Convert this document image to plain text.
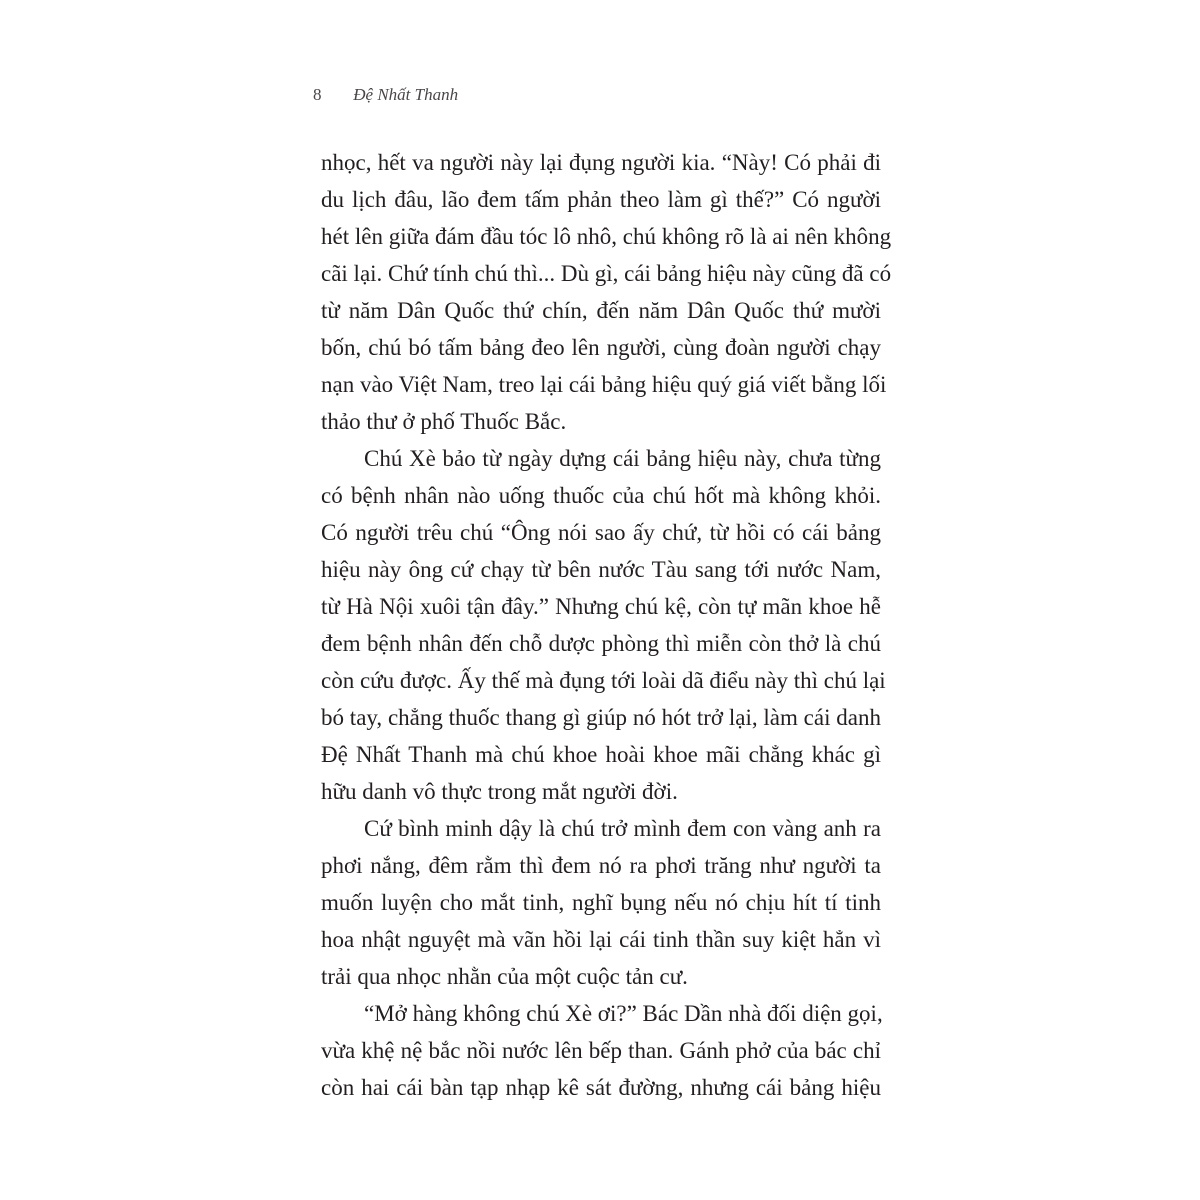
8 Đệ Nhất Thanh
nhọc, hết va người này lại đụng người kia. “Này! Có phải đi
du lịch đâu, lão đem tấm phản theo làm gì thế?” Có người
hét lên giữa đám đầu tóc lô nhô, chú không rõ là ai nên không
cãi lại. Chứ tính chú thì... Dù gì, cái bảng hiệu này cũng đã có
từ năm Dân Quốc thứ chín, đến năm Dân Quốc thứ mười
bốn, chú bó tấm bảng đeo lên người, cùng đoàn người chạy
nạn vào Việt Nam, treo lại cái bảng hiệu quý giá viết bằng lối
thảo thư ở phố Thuốc Bắc.
Chú Xè bảo từ ngày dựng cái bảng hiệu này, chưa từng
có bệnh nhân nào uống thuốc của chú hốt mà không khỏi.
Có người trêu chú “Ông nói sao ấy chứ, từ hồi có cái bảng
hiệu này ông cứ chạy từ bên nước Tàu sang tới nước Nam,
từ Hà Nội xuôi tận đây.” Nhưng chú kệ, còn tự mãn khoe hễ
đem bệnh nhân đến chỗ dược phòng thì miễn còn thở là chú
còn cứu được. Ấy thế mà đụng tới loài dã điểu này thì chú lại
bó tay, chẳng thuốc thang gì giúp nó hót trở lại, làm cái danh
Đệ Nhất Thanh mà chú khoe hoài khoe mãi chẳng khác gì
hữu danh vô thực trong mắt người đời.
Cứ bình minh dậy là chú trở mình đem con vàng anh ra
phơi nắng, đêm rằm thì đem nó ra phơi trăng như người ta
muốn luyện cho mắt tinh, nghĩ bụng nếu nó chịu hít tí tinh
hoa nhật nguyệt mà vãn hồi lại cái tinh thần suy kiệt hẳn vì
trải qua nhọc nhằn của một cuộc tản cư.
“Mở hàng không chú Xè ơi?” Bác Dần nhà đối diện gọi,
vừa khệ nệ bắc nồi nước lên bếp than. Gánh phở của bác chỉ
còn hai cái bàn tạp nhạp kê sát đường, nhưng cái bảng hiệu
